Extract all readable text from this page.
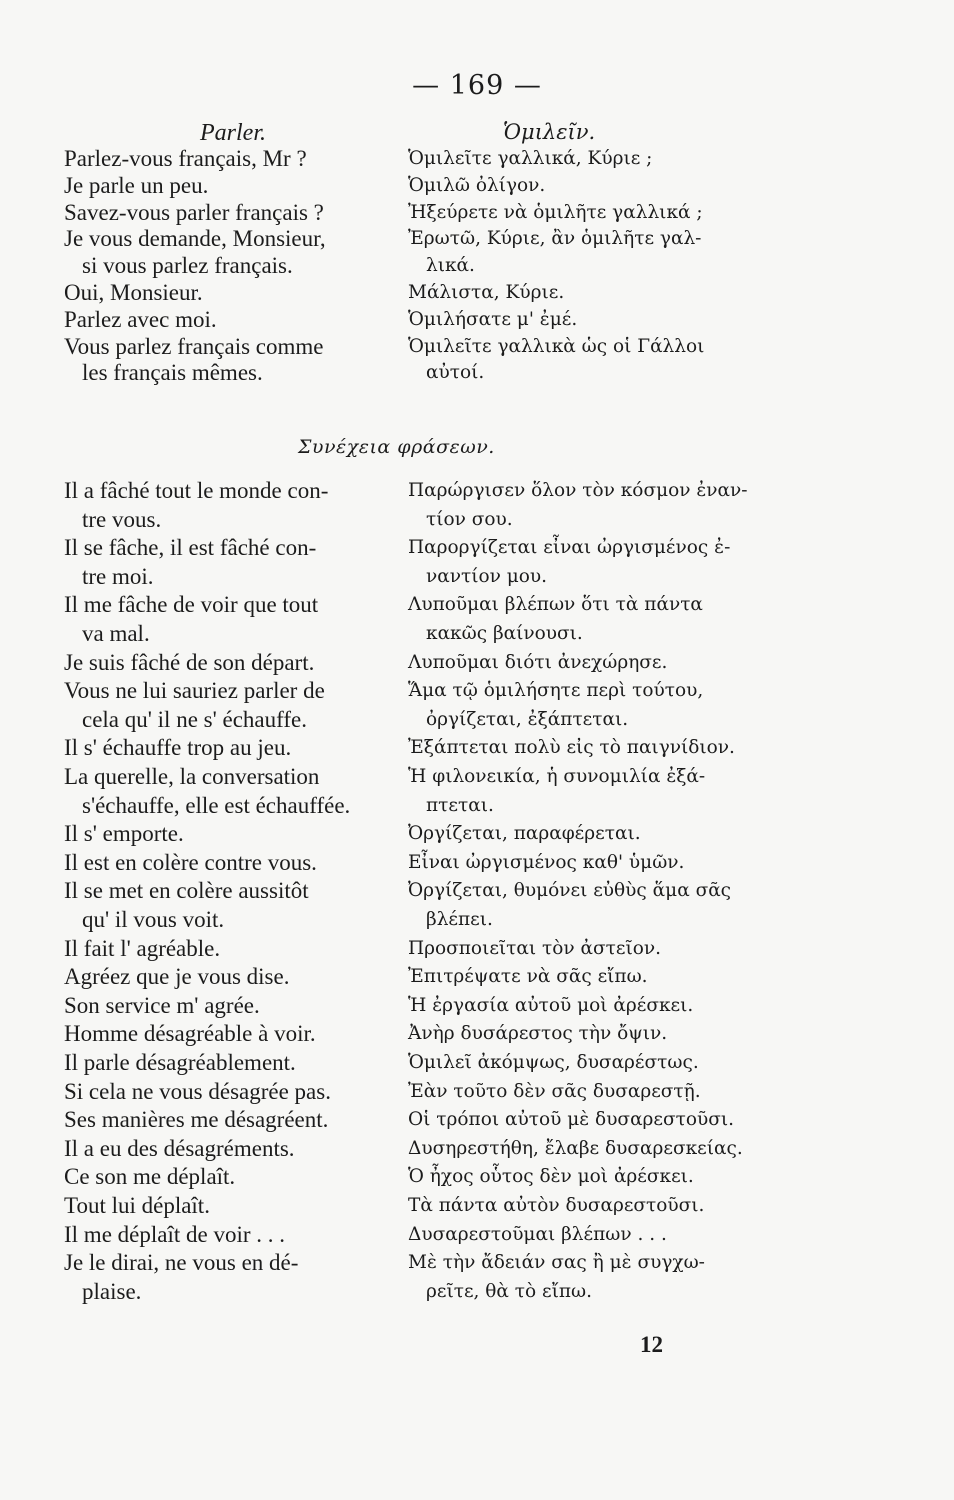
— 169 —
Parler.	Ὁμιλεῖν.
Parlez-vous français, Mr ?
Je parle un peu.
Savez-vous parler français ?
Je vous demande, Monsieur,
si vous parlez français.
Oui, Monsieur.
Parlez avec moi.
Vous parlez français comme
les français mêmes.
Ὁμιλεῖτε γαλλικά, Κύριε ;
Ὁμιλῶ ὀλίγον.
Ἠξεύρετε νὰ ὁμιλῆτε γαλλικά ;
Ἐρωτῶ, Κύριε, ἂν ὁμιλῆτε γαλ-
λικά.
Μάλιστα, Κύριε.
Ὁμιλήσατε μ' ἐμέ.
Ὁμιλεῖτε γαλλικὰ ὡς οἱ Γάλλοι
αὐτοί.
Συνέχεια φράσεων.
Il a fâché tout le monde con-
tre vous.
Il se fâche, il est fâché con-
tre moi.
Il me fâche de voir que tout
va mal.
Je suis fâché de son départ.
Vous ne lui sauriez parler de
cela qu' il ne s' échauffe.
Il s' échauffe trop au jeu.
La querelle, la conversation
s'échauffe, elle est échauffée.
Il s' emporte.
Il est en colère contre vous.
Il se met en colère aussitôt
qu' il vous voit.
Il fait l' agréable.
Agréez que je vous dise.
Son service m' agrée.
Homme désagréable à voir.
Il parle désagréablement.
Si cela ne vous désagrée pas.
Ses manières me désagréent.
Il a eu des désagréments.
Ce son me déplaît.
Tout lui déplaît.
Il me déplaît de voir . . .
Je le dirai, ne vous en dé-
plaise.
Παρώργισεν ὅλον τὸν κόσμον ἐναν-
τίον σου.
Παροργίζεται εἶναι ὠργισμένος ἐ-
ναντίον μου.
Λυποῦμαι βλέπων ὅτι τὰ πάντα
κακῶς βαίνουσι.
Λυποῦμαι διότι ἀνεχώρησε.
Ἅμα τῷ ὁμιλήσητε περὶ τούτου,
ὀργίζεται, ἐξάπτεται.
Ἐξάπτεται πολὺ εἰς τὸ παιγνίδιον.
Ἡ φιλονεικία, ἡ συνομιλία ἐξά-
πτεται.
Ὀργίζεται, παραφέρεται.
Εἶναι ὠργισμένος καθ' ὑμῶν.
Ὀργίζεται, θυμόνει εὐθὺς ἅμα σᾶς
βλέπει.
Προσποιεῖται τὸν ἀστεῖον.
Ἐπιτρέψατε νὰ σᾶς εἴπω.
Ἡ ἐργασία αὐτοῦ μοὶ ἀρέσκει.
Ἀνὴρ δυσάρεστος τὴν ὄψιν.
Ὁμιλεῖ ἀκόμψως, δυσαρέστως.
Ἐὰν τοῦτο δὲν σᾶς δυσαρεστῇ.
Οἱ τρόποι αὐτοῦ μὲ δυσαρεστοῦσι.
Δυσηρεστήθη, ἔλαβε δυσαρεσκείας.
Ὁ ἦχος οὗτος δὲν μοὶ ἀρέσκει.
Τὰ πάντα αὐτὸν δυσαρεστοῦσι.
Δυσαρεστοῦμαι βλέπων . . .
Μὲ τὴν ἄδειάν σας ἢ μὲ συγχω-
ρεῖτε, θὰ τὸ εἴπω.
12
